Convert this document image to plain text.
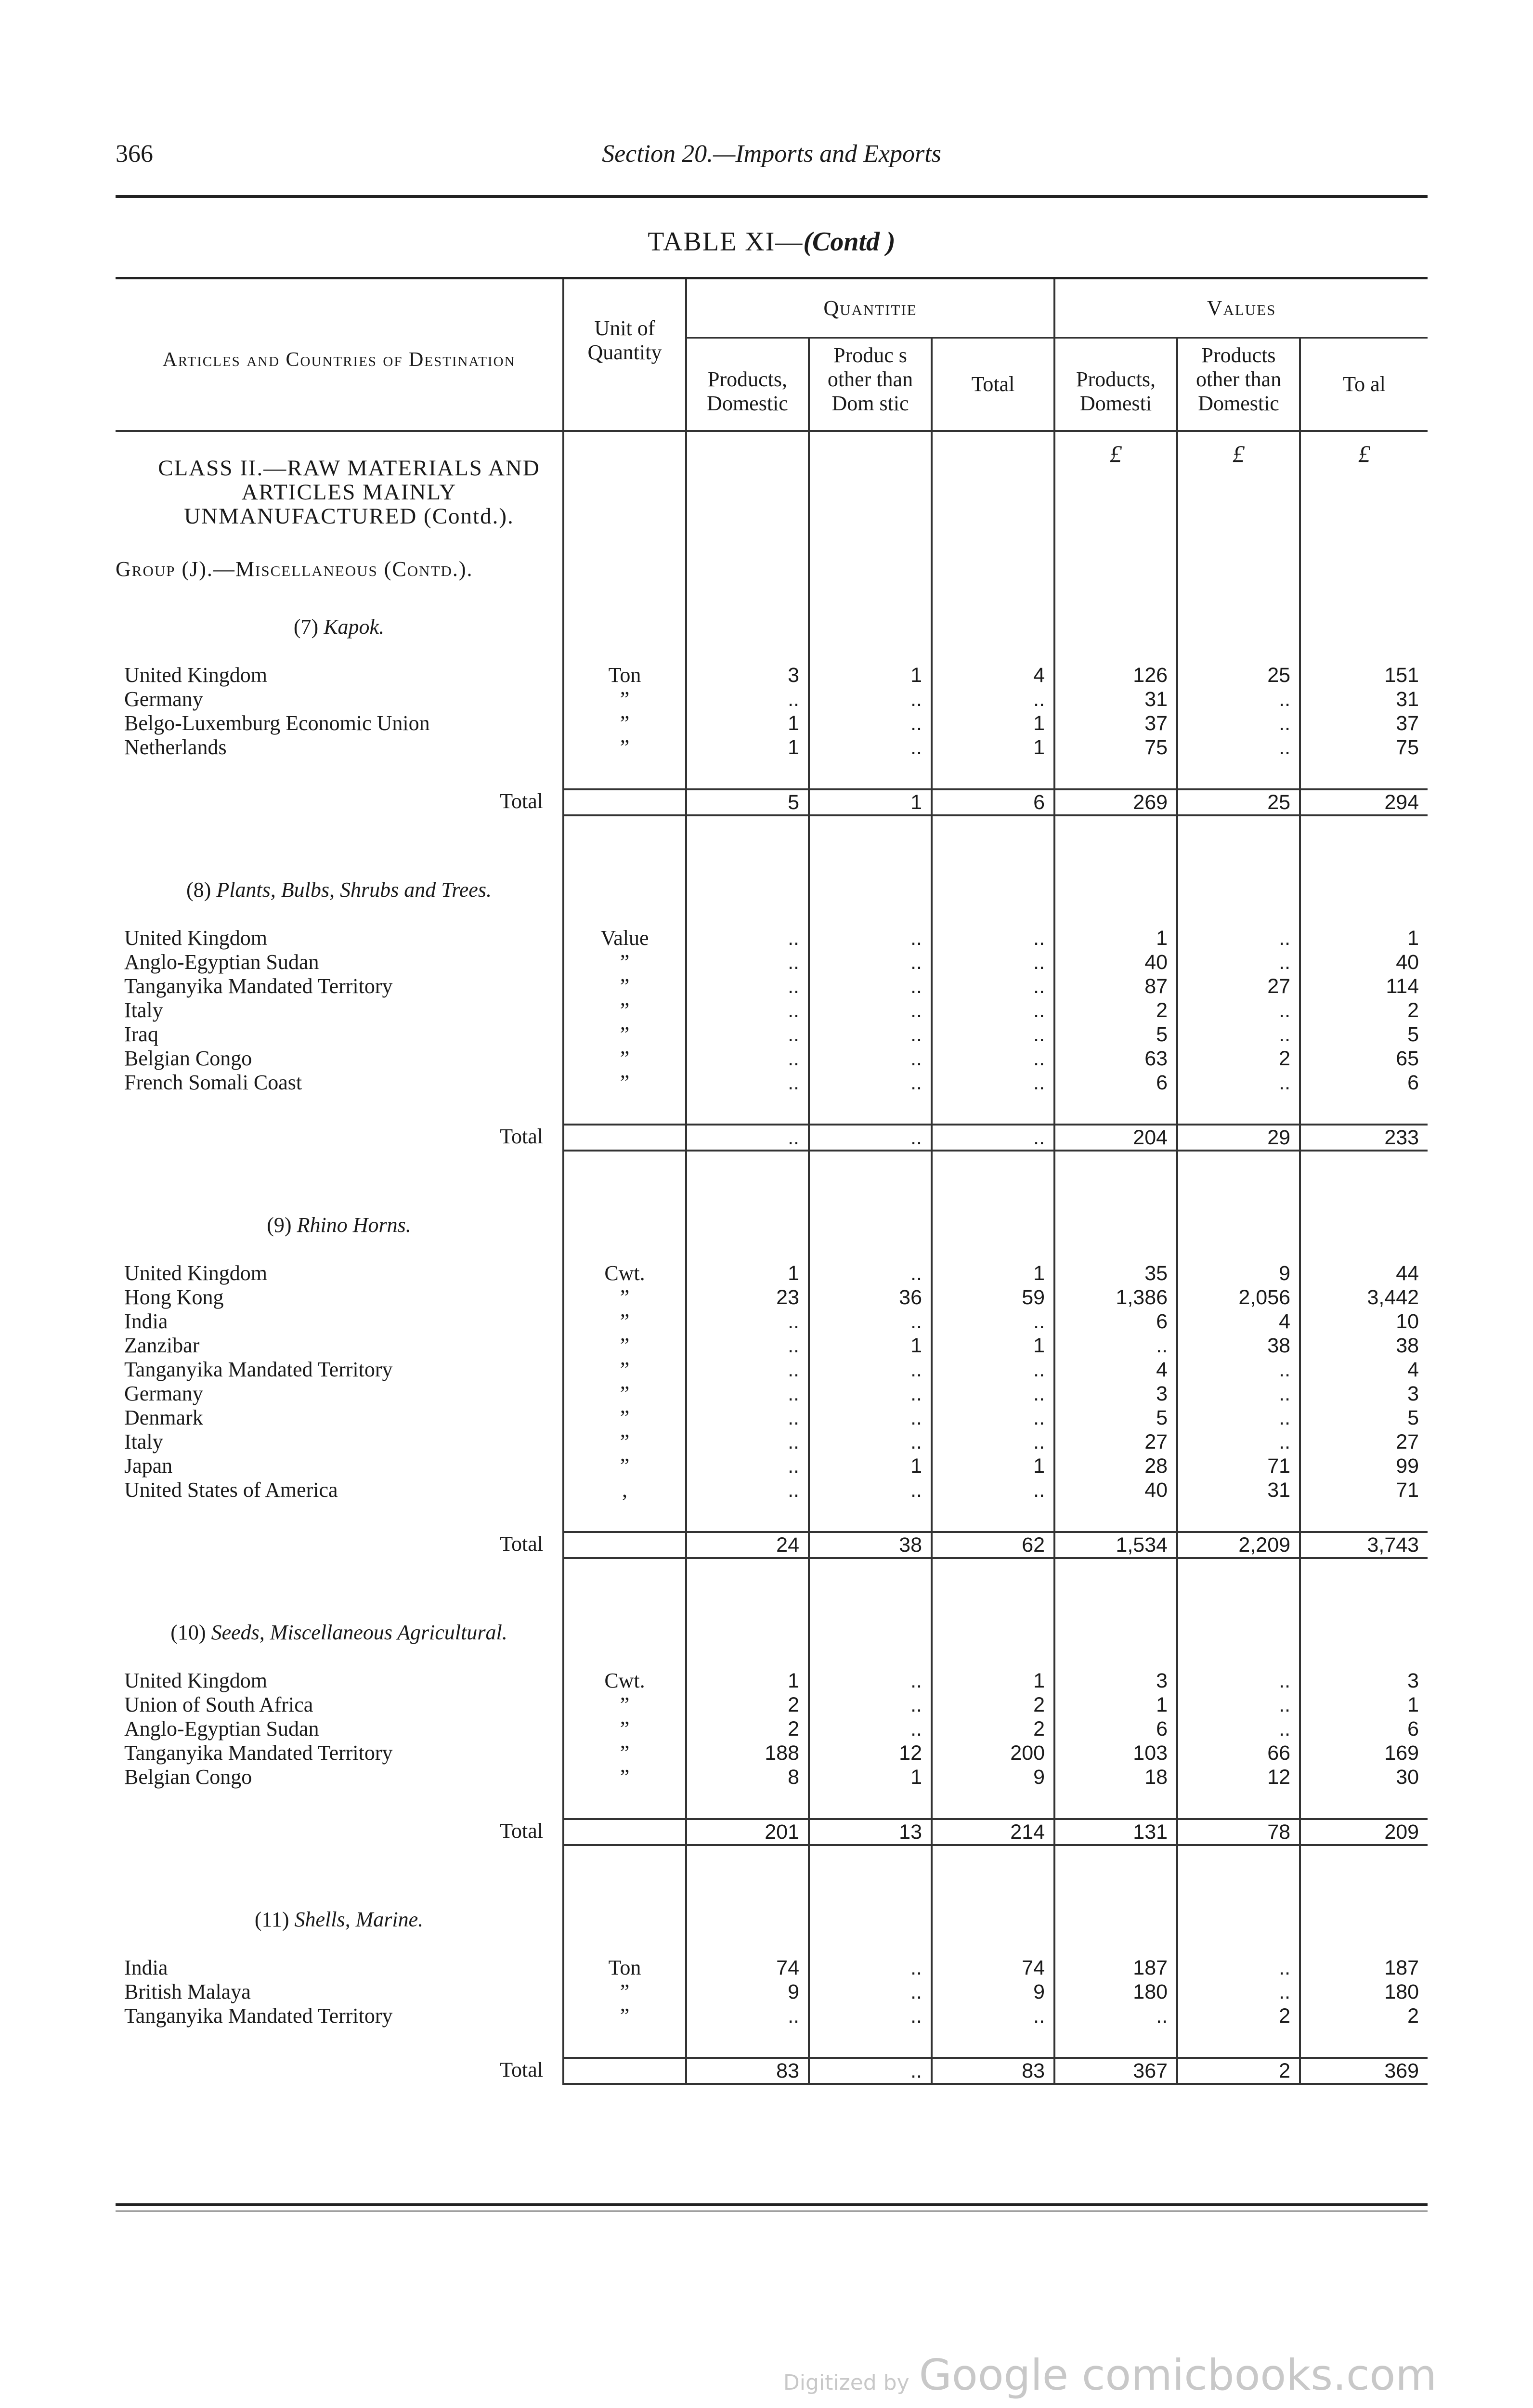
366	Section 20.—Imports and Exports
TABLE XI—(Contd )
Articles and Countries of Destination	Unit of Quantity	Quantitie			Values		
		Products, Domestic	Produc s other than Dom stic	Total	Products, Domesti	Products other than Domestic	To al
CLASS II.—RAW MATERIALS AND ARTICLES MAINLY UNMANUFACTURED (Contd.).					£	£	£
Group (J).—Miscellaneous (Contd.).							

(7) Kapok.							
United Kingdom	Ton	3	1	4	126	25	151
Germany	”	..	..	..	31	..	31
Belgo-Luxemburg Economic Union	”	1	..	1	37	..	37
Netherlands	”	1	..	1	75	..	75

Total		5	1	6	269	25	294

(8) Plants, Bulbs, Shrubs and Trees.							
United Kingdom	Value	..	..	..	1	..	1
Anglo-Egyptian Sudan	”	..	..	..	40	..	40
Tanganyika Mandated Territory	”	..	..	..	87	27	114
Italy	”	..	..	..	2	..	2
Iraq	”	..	..	..	5	..	5
Belgian Congo	”	..	..	..	63	2	65
French Somali Coast	”	..	..	..	6	..	6

Total		..	..	..	204	29	233

(9) Rhino Horns.							
United Kingdom	Cwt.	1	..	1	35	9	44
Hong Kong	”	23	36	59	1,386	2,056	3,442
India	”	..	..	..	6	4	10
Zanzibar	”	..	1	1	..	38	38
Tanganyika Mandated Territory	”	..	..	..	4	..	4
Germany	”	..	..	..	3	..	3
Denmark	”	..	..	..	5	..	5
Italy	”	..	..	..	27	..	27
Japan	”	..	1	1	28	71	99
United States of America	,	..	..	..	40	31	71

Total		24	38	62	1,534	2,209	3,743

(10) Seeds, Miscellaneous Agricultural.							
United Kingdom	Cwt.	1	..	1	3	..	3
Union of South Africa	”	2	..	2	1	..	1
Anglo-Egyptian Sudan	”	2	..	2	6	..	6
Tanganyika Mandated Territory	”	188	12	200	103	66	169
Belgian Congo	”	8	1	9	18	12	30

Total		201	13	214	131	78	209

(11) Shells, Marine.							
India	Ton	74	..	74	187	..	187
British Malaya	”	9	..	9	180	..	180
Tanganyika Mandated Territory	”	..	..	..	..	2	2

Total		83	..	83	367	2	369
Digitized by Google comicbooks.com
